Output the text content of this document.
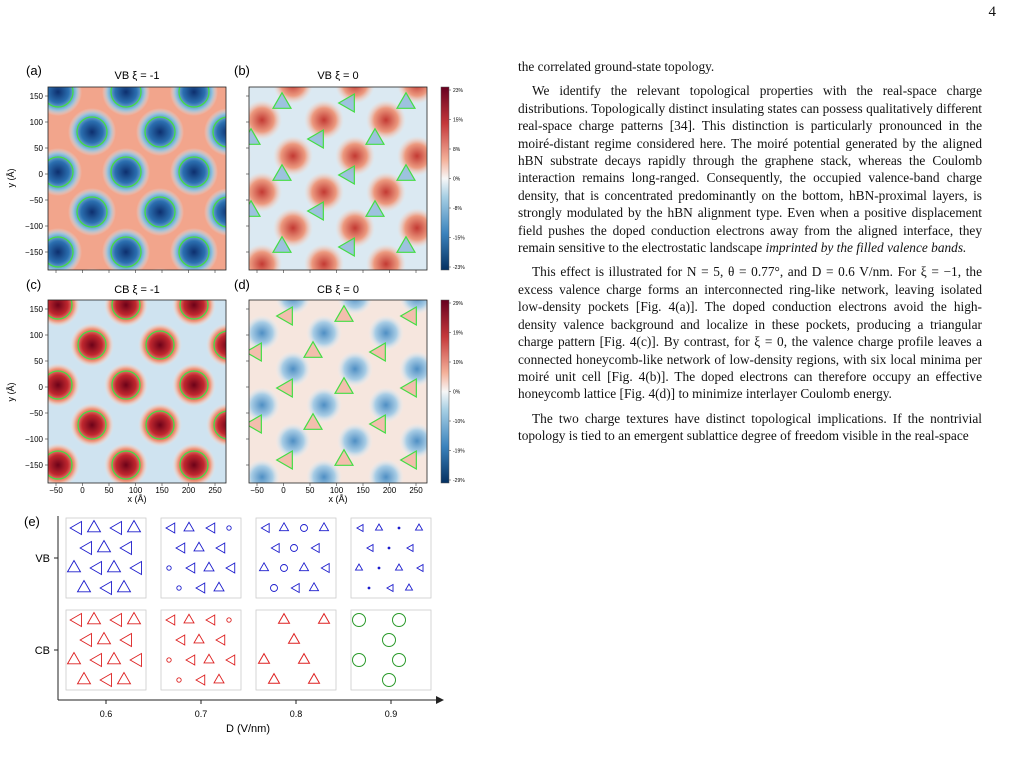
4
(a)	VB ξ = -1	(b)	VB ξ = 0
(c)	CB ξ = -1	(d)	CB ξ = 0
23%
15%
8%
0%
-8%
-15%
-23%
29%
19%
10%
0%
-10%
-19%
-29%
150
100
50
0
−50
−100
−150
150
100
50
0
−50
−100
−150
−50 0 50 100 150 200 250	−50 0 50 100 150 200 250
y (Å)
y (Å)
x (Å)	x (Å)
(e)
VB
CB
0.6	0.7	0.8	0.9
D (V/nm)

the correlated ground-state topology.

We identify the relevant topological properties with the real-space charge distributions. Topologically distinct insulating states can possess qualitatively different real-space charge patterns [34]. This distinction is particularly pronounced in the moiré-distant regime considered here. The moiré potential generated by the aligned hBN substrate decays rapidly through the graphene stack, whereas the Coulomb interaction remains long-ranged. Consequently, the occupied valence-band charge density, that is concentrated predominantly on the bottom, hBN-proximal layers, is strongly modulated by the hBN alignment type. Even when a positive displacement field pushes the doped conduction electrons away from the aligned interface, they remain sensitive to the electrostatic landscape imprinted by the filled valence bands.

This effect is illustrated for N = 5, θ = 0.77°, and D = 0.6 V/nm. For ξ = −1, the excess valence charge forms an interconnected ring-like network, leaving isolated low-density pockets [Fig. 4(a)]. The doped conduction electrons avoid the high-density valence background and localize in these pockets, producing a triangular charge pattern [Fig. 4(c)]. By contrast, for ξ = 0, the valence charge profile leaves a connected honeycomb-like network of low-density regions, with six local minima per moiré unit cell [Fig. 4(b)]. The doped electrons can therefore occupy an effective honeycomb lattice [Fig. 4(d)] to minimize interlayer Coulomb energy.

The two charge textures have distinct topological implications. If the nontrivial topology is tied to an emergent sublattice degree of freedom visible in the real-space
